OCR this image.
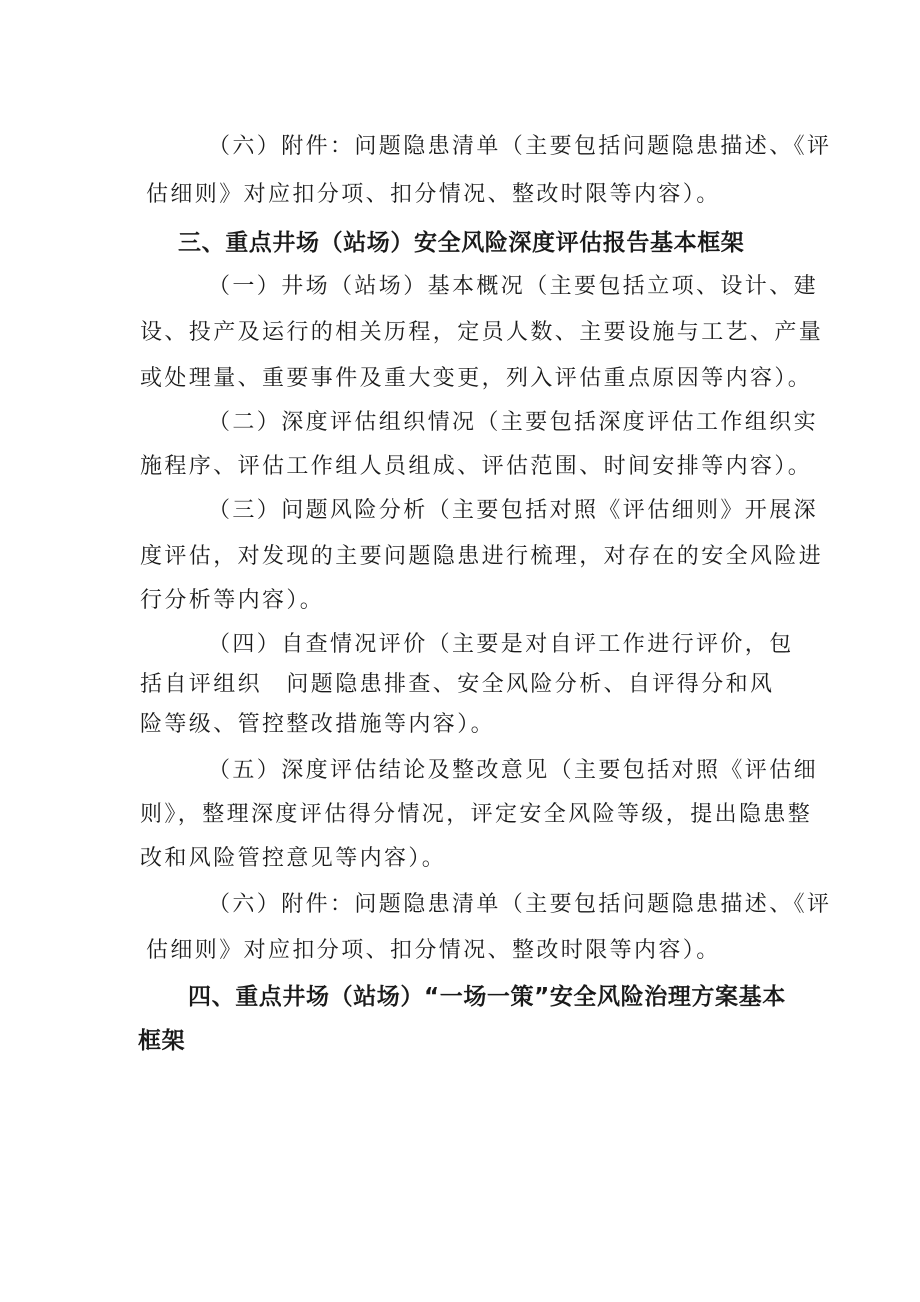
（六）附件：问题隐患清单（主要包括问题隐患描述、《评
估细则》对应扣分项、扣分情况、整改时限等内容）。
三、重点井场（站场）安全风险深度评估报告基本框架
（一）井场（站场）基本概况（主要包括立项、设计、建
设、投产及运行的相关历程，定员人数、主要设施与工艺、产量
或处理量、重要事件及重大变更，列入评估重点原因等内容）。
（二）深度评估组织情况（主要包括深度评估工作组织实
施程序、评估工作组人员组成、评估范围、时间安排等内容）。
（三）问题风险分析（主要包括对照《评估细则》开展深
度评估，对发现的主要问题隐患进行梳理，对存在的安全风险进
行分析等内容）。
（四）自查情况评价（主要是对自评工作进行评价，包
括自评组织　问题隐患排查、安全风险分析、自评得分和风
险等级、管控整改措施等内容）。
（五）深度评估结论及整改意见（主要包括对照《评估细
则》，整理深度评估得分情况，评定安全风险等级，提出隐患整
改和风险管控意见等内容）。
（六）附件：问题隐患清单（主要包括问题隐患描述、《评
估细则》对应扣分项、扣分情况、整改时限等内容）。
四、重点井场（站场）“一场一策”安全风险治理方案基本
框架
